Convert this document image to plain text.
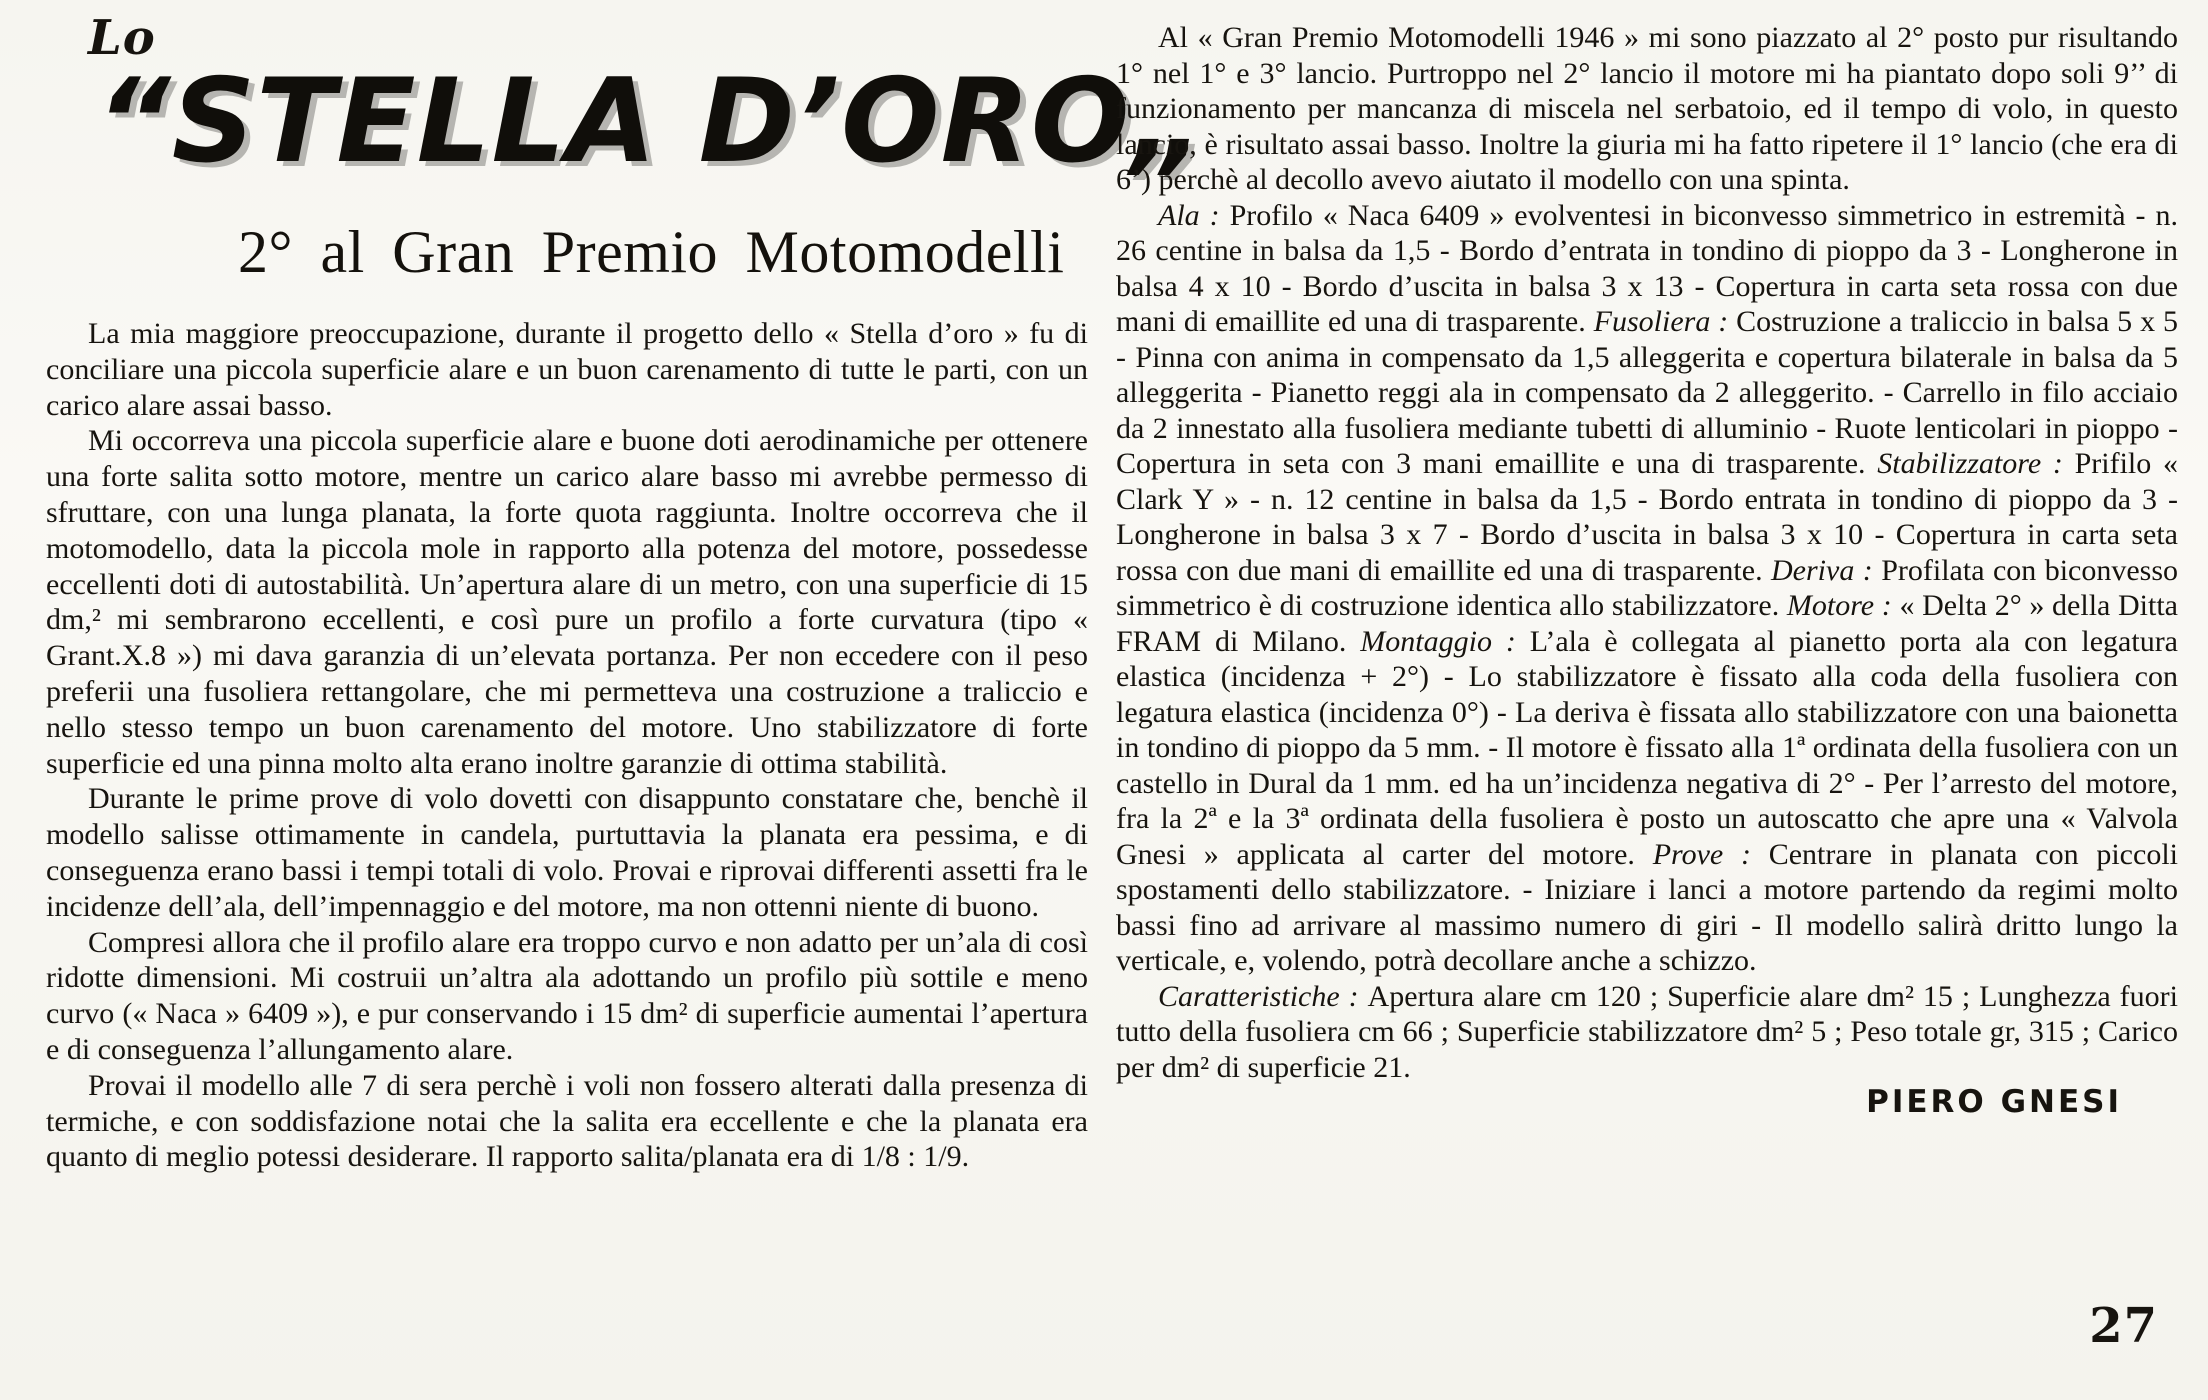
Lo
“STELLA D’ORO„
2° al Gran Premio Motomodelli

La mia maggiore preoccupazione, durante il progetto dello « Stella d’oro » fu di conciliare una piccola superficie alare e un buon carenamento di tutte le parti, con un carico alare assai basso.

Mi occorreva una piccola superficie alare e buone doti aerodinamiche per ottenere una forte salita sotto motore, mentre un carico alare basso mi avrebbe permesso di sfruttare, con una lunga planata, la forte quota raggiunta. Inoltre occorreva che il motomodello, data la piccola mole in rapporto alla potenza del motore, possedesse eccellenti doti di autostabilità. Un’apertura alare di un metro, con una superficie di 15 dm,² mi sembrarono eccellenti, e così pure un profilo a forte curvatura (tipo « Grant.X.8 ») mi dava garanzia di un’elevata portanza. Per non eccedere con il peso preferii una fusoliera rettangolare, che mi permetteva una costruzione a traliccio e nello stesso tempo un buon carenamento del motore. Uno stabilizzatore di forte superficie ed una pinna molto alta erano inoltre garanzie di ottima stabilità.

Durante le prime prove di volo dovetti con disappunto constatare che, benchè il modello salisse ottimamente in candela, purtuttavia la planata era pessima, e di conseguenza erano bassi i tempi totali di volo. Provai e riprovai differenti assetti fra le incidenze dell’ala, dell’impennaggio e del motore, ma non ottenni niente di buono.

Compresi allora che il profilo alare era troppo curvo e non adatto per un’ala di così ridotte dimensioni. Mi costruii un’altra ala adottando un profilo più sottile e meno curvo (« Naca » 6409 »), e pur conservando i 15 dm² di superficie aumentai l’apertura e di conseguenza l’allungamento alare.

Provai il modello alle 7 di sera perchè i voli non fossero alterati dalla presenza di termiche, e con soddisfazione notai che la salita era eccellente e che la planata era quanto di meglio potessi desiderare. Il rapporto salita/planata era di 1/8 : 1/9.

Al « Gran Premio Motomodelli 1946 » mi sono piazzato al 2° posto pur risultando 1° nel 1° e 3° lancio. Purtroppo nel 2° lancio il motore mi ha piantato dopo soli 9’’ di funzionamento per mancanza di miscela nel serbatoio, ed il tempo di volo, in questo lancio, è risultato assai basso. Inoltre la giuria mi ha fatto ripetere il 1° lancio (che era di 6’) perchè al decollo avevo aiutato il modello con una spinta.

Ala : Profilo « Naca 6409 » evolventesi in biconvesso simmetrico in estremità - n. 26 centine in balsa da 1,5 - Bordo d’entrata in tondino di pioppo da 3 - Longherone in balsa 4 x 10 - Bordo d’uscita in balsa 3 x 13 - Copertura in carta seta rossa con due mani di emaillite ed una di trasparente. Fusoliera : Costruzione a traliccio in balsa 5 x 5 - Pinna con anima in compensato da 1,5 alleggerita e copertura bilaterale in balsa da 5 alleggerita - Pianetto reggi ala in compensato da 2 alleggerito. - Carrello in filo acciaio da 2 innestato alla fusoliera mediante tubetti di alluminio - Ruote lenticolari in pioppo - Copertura in seta con 3 mani emaillite e una di trasparente. Stabilizzatore : Prifilo « Clark Y » - n. 12 centine in balsa da 1,5 - Bordo entrata in tondino di pioppo da 3 - Longherone in balsa 3 x 7 - Bordo d’uscita in balsa 3 x 10 - Copertura in carta seta rossa con due mani di emaillite ed una di trasparente. Deriva : Profilata con biconvesso simmetrico è di costruzione identica allo stabilizzatore. Motore : « Delta 2° » della Ditta FRAM di Milano. Montaggio : L’ala è collegata al pianetto porta ala con legatura elastica (incidenza + 2°) - Lo stabilizzatore è fissato alla coda della fusoliera con legatura elastica (incidenza 0°) - La deriva è fissata allo stabilizzatore con una baionetta in tondino di pioppo da 5 mm. - Il motore è fissato alla 1ª ordinata della fusoliera con un castello in Dural da 1 mm. ed ha un’incidenza negativa di 2° - Per l’arresto del motore, fra la 2ª e la 3ª ordinata della fusoliera è posto un autoscatto che apre una « Valvola Gnesi » applicata al carter del motore. Prove : Centrare in planata con piccoli spostamenti dello stabilizzatore. - Iniziare i lanci a motore partendo da regimi molto bassi fino ad arrivare al massimo numero di giri - Il modello salirà dritto lungo la verticale, e, volendo, potrà decollare anche a schizzo.

Caratteristiche : Apertura alare cm 120 ; Superficie alare dm² 15 ; Lunghezza fuori tutto della fusoliera cm 66 ; Superficie stabilizzatore dm² 5 ; Peso totale gr, 315 ; Carico per dm² di superficie 21.

PIERO GNESI

27
